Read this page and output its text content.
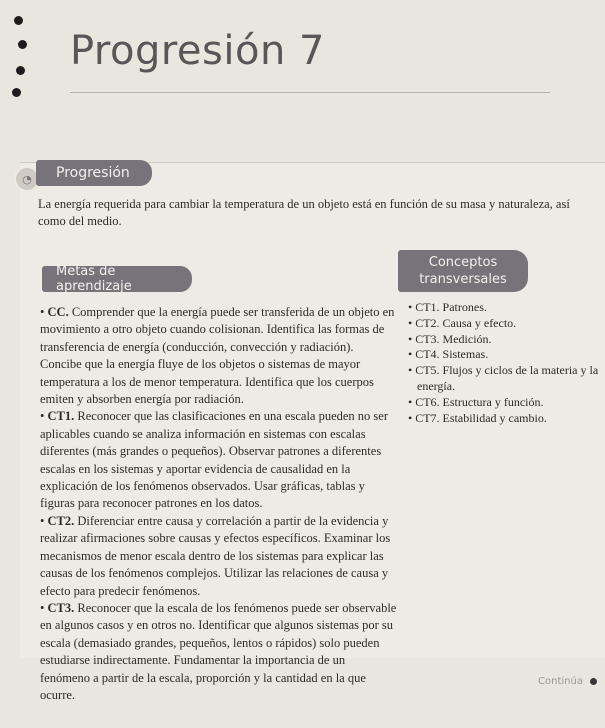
Progresión 7
◔	Progresión
La energía requerida para cambiar la temperatura de un objeto está en función de su masa y naturaleza, así como del medio.
Metas de aprendizaje
Conceptos
transversales

• CC. Comprender que la energía puede ser transferida de un objeto en movimiento a otro objeto cuando colisionan. Identifica las formas de transferencia de energía (conducción, convección y radiación). Concibe que la energía fluye de los objetos o sistemas de mayor temperatura a los de menor temperatura. Identifica que los cuerpos emiten y absorben energía por radiación.

• CT1. Reconocer que las clasificaciones en una escala pueden no ser aplicables cuando se analiza información en sistemas con escalas diferentes (más grandes o pequeños). Observar patrones a diferentes escalas en los sistemas y aportar evidencia de causalidad en la explicación de los fenómenos observados. Usar gráficas, tablas y figuras para reconocer patrones en los datos.

• CT2. Diferenciar entre causa y correlación a partir de la evidencia y realizar afirmaciones sobre causas y efectos específicos. Examinar los mecanismos de menor escala dentro de los sistemas para explicar las causas de los fenómenos complejos. Utilizar las relaciones de causa y efecto para predecir fenómenos.

• CT3. Reconocer que la escala de los fenómenos puede ser observable en algunos casos y en otros no. Identificar que algunos sistemas por su escala (demasiado grandes, pequeños, lentos o rápidos) solo pueden estudiarse indirectamente. Fundamentar la importancia de un fenómeno a partir de la escala, proporción y la cantidad en la que ocurre.

• CT1. Patrones.
• CT2. Causa y efecto.
• CT3. Medición.
• CT4. Sistemas.
• CT5. Flujos y ciclos de la materia y la energía.
• CT6. Estructura y función.
• CT7. Estabilidad y cambio.
Continúa
